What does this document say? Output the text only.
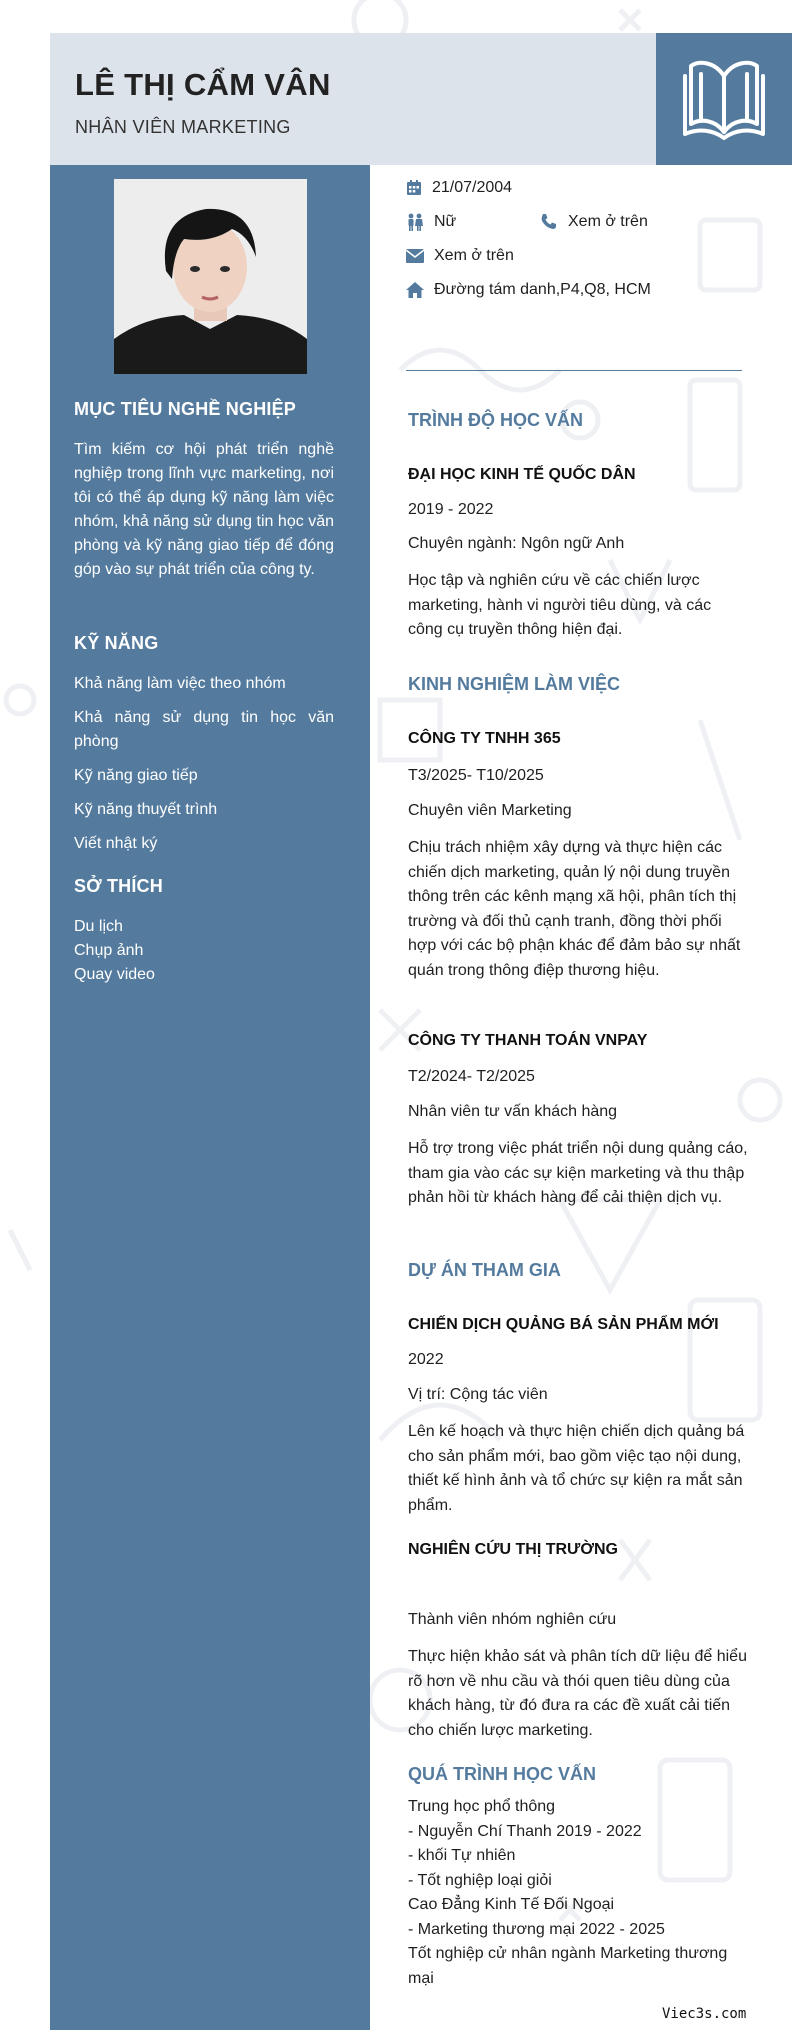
LÊ THỊ CẨM VÂN
NHÂN VIÊN MARKETING
MỤC TIÊU NGHỀ NGHIỆP
Tìm kiếm cơ hội phát triển nghề nghiệp trong lĩnh vực marketing, nơi tôi có thể áp dụng kỹ năng làm việc nhóm, khả năng sử dụng tin học văn phòng và kỹ năng giao tiếp để đóng góp vào sự phát triển của công ty.
KỸ NĂNG
Khả năng làm việc theo nhóm
Khả năng sử dụng tin học văn phòng
Kỹ năng giao tiếp
Kỹ năng thuyết trình
Viết nhật ký
SỞ THÍCH
Du lịch
Chụp ảnh
Quay video
21/07/2004
Nữ	Xem ở trên
Xem ở trên
Đường tám danh,P4,Q8, HCM
TRÌNH ĐỘ HỌC VẤN
ĐẠI HỌC KINH TẾ QUỐC DÂN
2019 - 2022
Chuyên ngành: Ngôn ngữ Anh
Học tập và nghiên cứu về các chiến lược marketing, hành vi người tiêu dùng, và các công cụ truyền thông hiện đại.
KINH NGHIỆM LÀM VIỆC
CÔNG TY TNHH 365
T3/2025- T10/2025
Chuyên viên Marketing
Chịu trách nhiệm xây dựng và thực hiện các chiến dịch marketing, quản lý nội dung truyền thông trên các kênh mạng xã hội, phân tích thị trường và đối thủ cạnh tranh, đồng thời phối hợp với các bộ phận khác để đảm bảo sự nhất quán trong thông điệp thương hiệu.
CÔNG TY THANH TOÁN VNPAY
T2/2024- T2/2025
Nhân viên tư vấn khách hàng
Hỗ trợ trong việc phát triển nội dung quảng cáo, tham gia vào các sự kiện marketing và thu thập phản hồi từ khách hàng để cải thiện dịch vụ.
DỰ ÁN THAM GIA
CHIẾN DỊCH QUẢNG BÁ SẢN PHẨM MỚI
2022
Vị trí: Cộng tác viên
Lên kế hoạch và thực hiện chiến dịch quảng bá cho sản phẩm mới, bao gồm việc tạo nội dung, thiết kế hình ảnh và tổ chức sự kiện ra mắt sản phẩm.
NGHIÊN CỨU THỊ TRƯỜNG
Thành viên nhóm nghiên cứu
Thực hiện khảo sát và phân tích dữ liệu để hiểu rõ hơn về nhu cầu và thói quen tiêu dùng của khách hàng, từ đó đưa ra các đề xuất cải tiến cho chiến lược marketing.
QUÁ TRÌNH HỌC VẤN
Trung học phổ thông
- Nguyễn Chí Thanh 2019 - 2022
- khối Tự nhiên
- Tốt nghiệp loại giỏi
Cao Đẳng Kinh Tế Đối Ngoại
- Marketing thương mại 2022 - 2025
Tốt nghiệp cử nhân ngành Marketing thương mại
Viec3s.com
